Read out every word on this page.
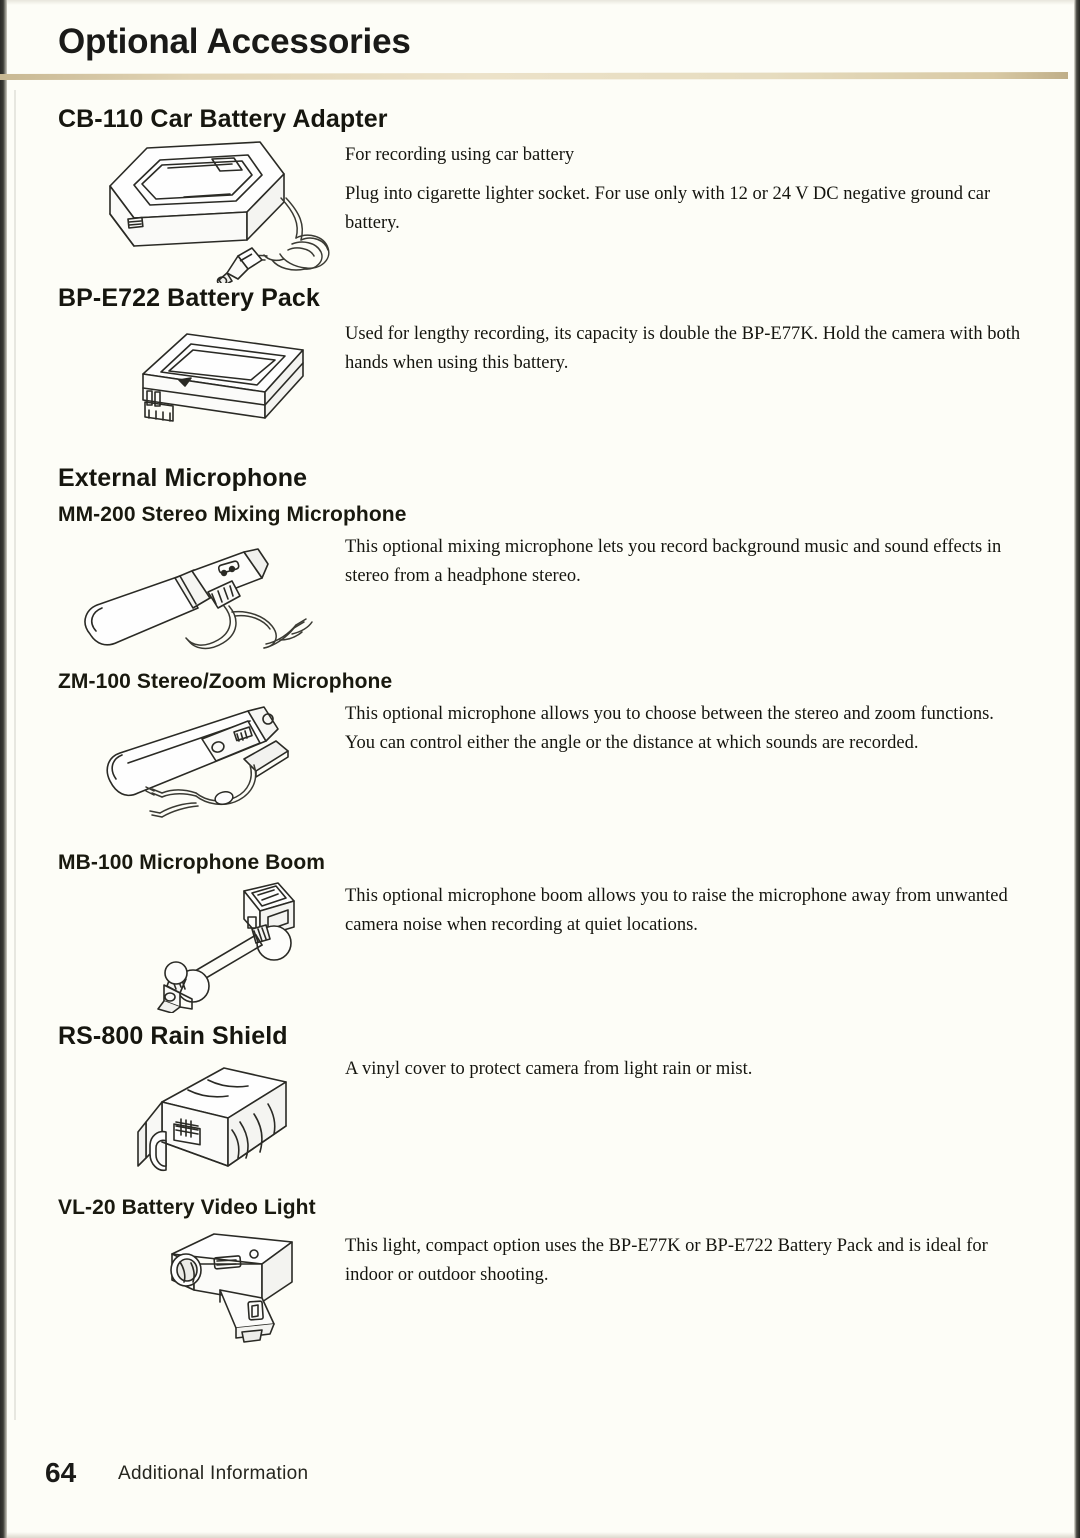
Optional Accessories
CB-110 Car Battery Adapter

For recording using car battery

Plug into cigarette lighter socket. For use only with 12 or 24 V DC negative ground car battery.

BP-E722 Battery Pack

Used for lengthy recording, its capacity is double the BP-E77K. Hold the camera with both hands when using this battery.

External Microphone
MM-200 Stereo Mixing Microphone

This optional mixing microphone lets you record background music and sound effects in stereo from a headphone stereo.

ZM-100 Stereo/Zoom Microphone

This optional microphone allows you to choose between the stereo and zoom functions.

You can control either the angle or the distance at which sounds are recorded.

MB-100 Microphone Boom

This optional microphone boom allows you to raise the microphone away from unwanted camera noise when recording at quiet locations.

RS-800 Rain Shield

A vinyl cover to protect camera from light rain or mist.

VL-20 Battery Video Light

This light, compact option uses the BP-E77K or BP-E722 Battery Pack and is ideal for indoor or outdoor shooting.

64 Additional Information
